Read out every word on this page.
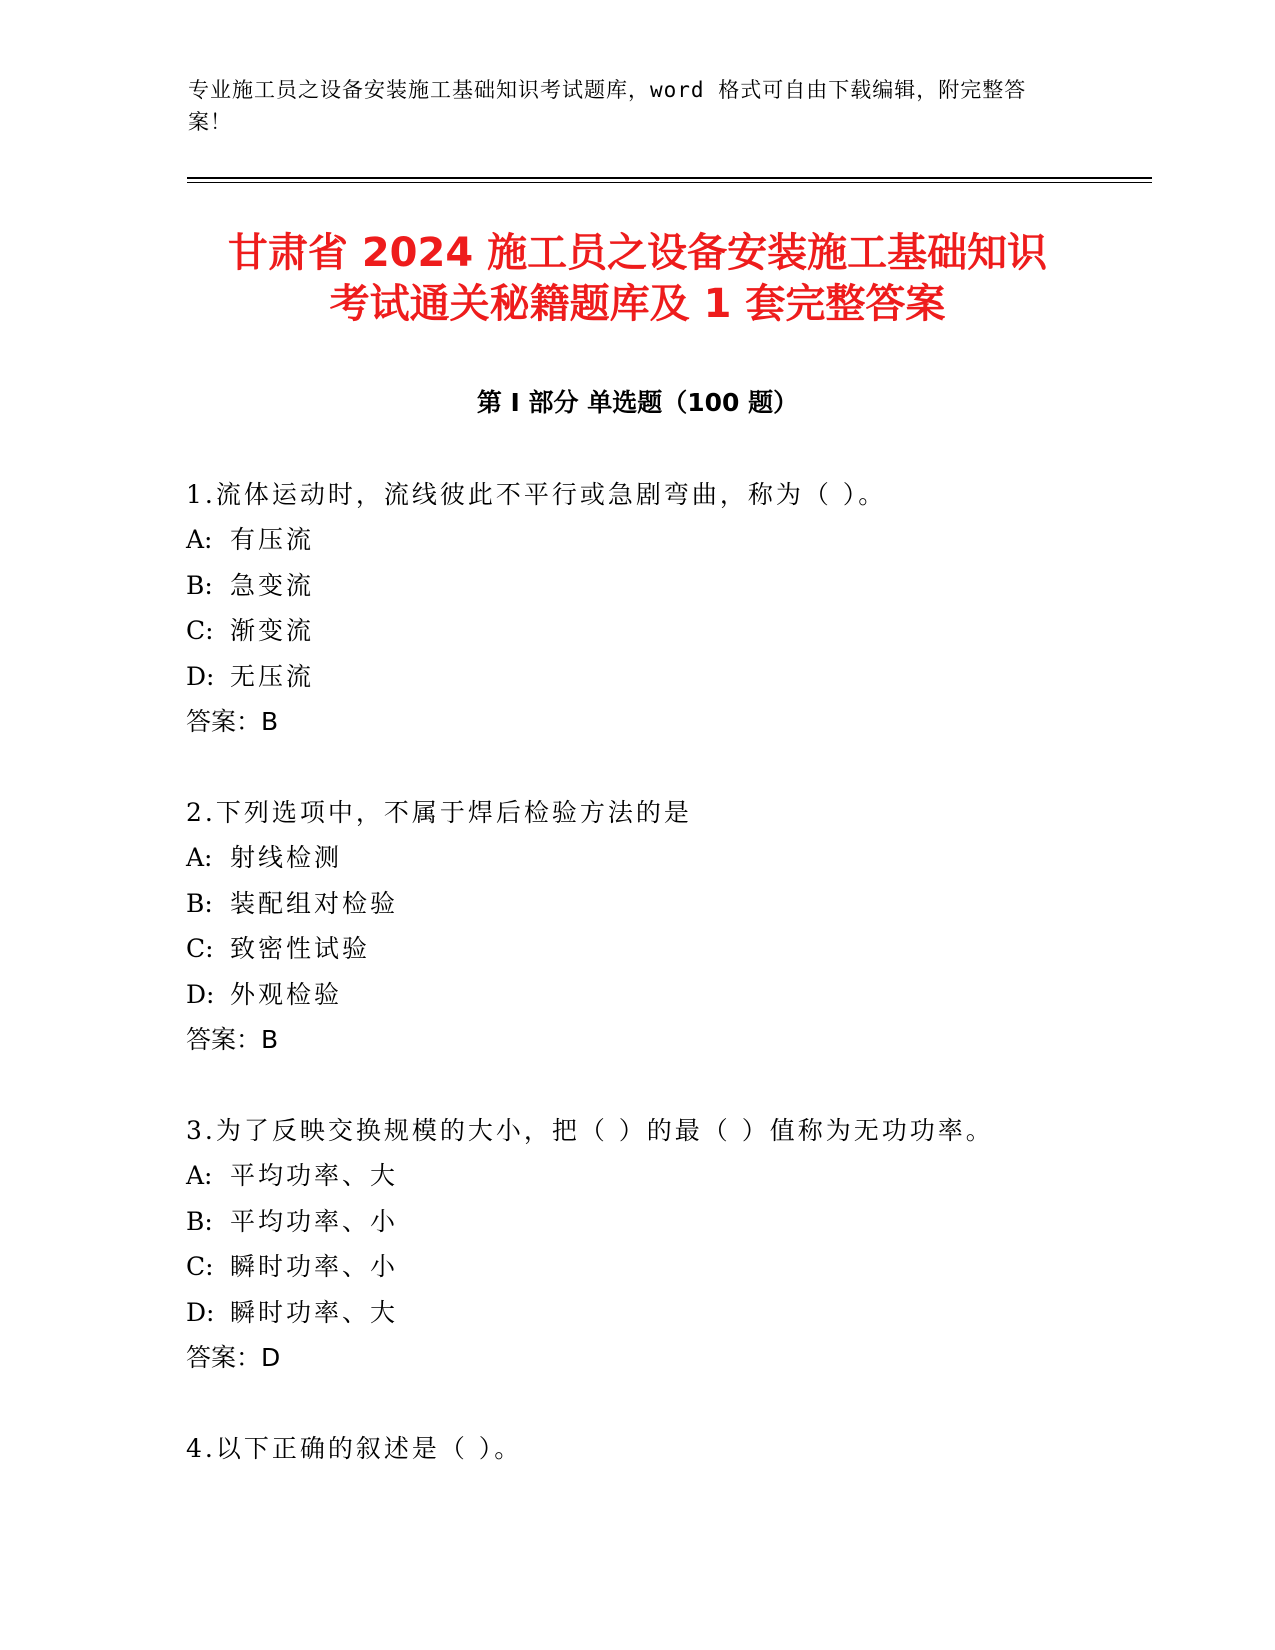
专业施工员之设备安装施工基础知识考试题库，word 格式可自由下载编辑，附完整答案！

甘肃省 2024 施工员之设备安装施工基础知识
考试通关秘籍题库及 1 套完整答案
第 I 部分 单选题（100 题）
1.流体运动时，流线彼此不平行或急剧弯曲，称为（ ）。
A: 有压流
B: 急变流
C: 渐变流
D: 无压流
答案：B
2.下列选项中，不属于焊后检验方法的是
A: 射线检测
B: 装配组对检验
C: 致密性试验
D: 外观检验
答案：B
3.为了反映交换规模的大小，把（ ）的最（ ）值称为无功功率。
A: 平均功率、大
B: 平均功率、小
C: 瞬时功率、小
D: 瞬时功率、大
答案：D
4.以下正确的叙述是（ ）。
